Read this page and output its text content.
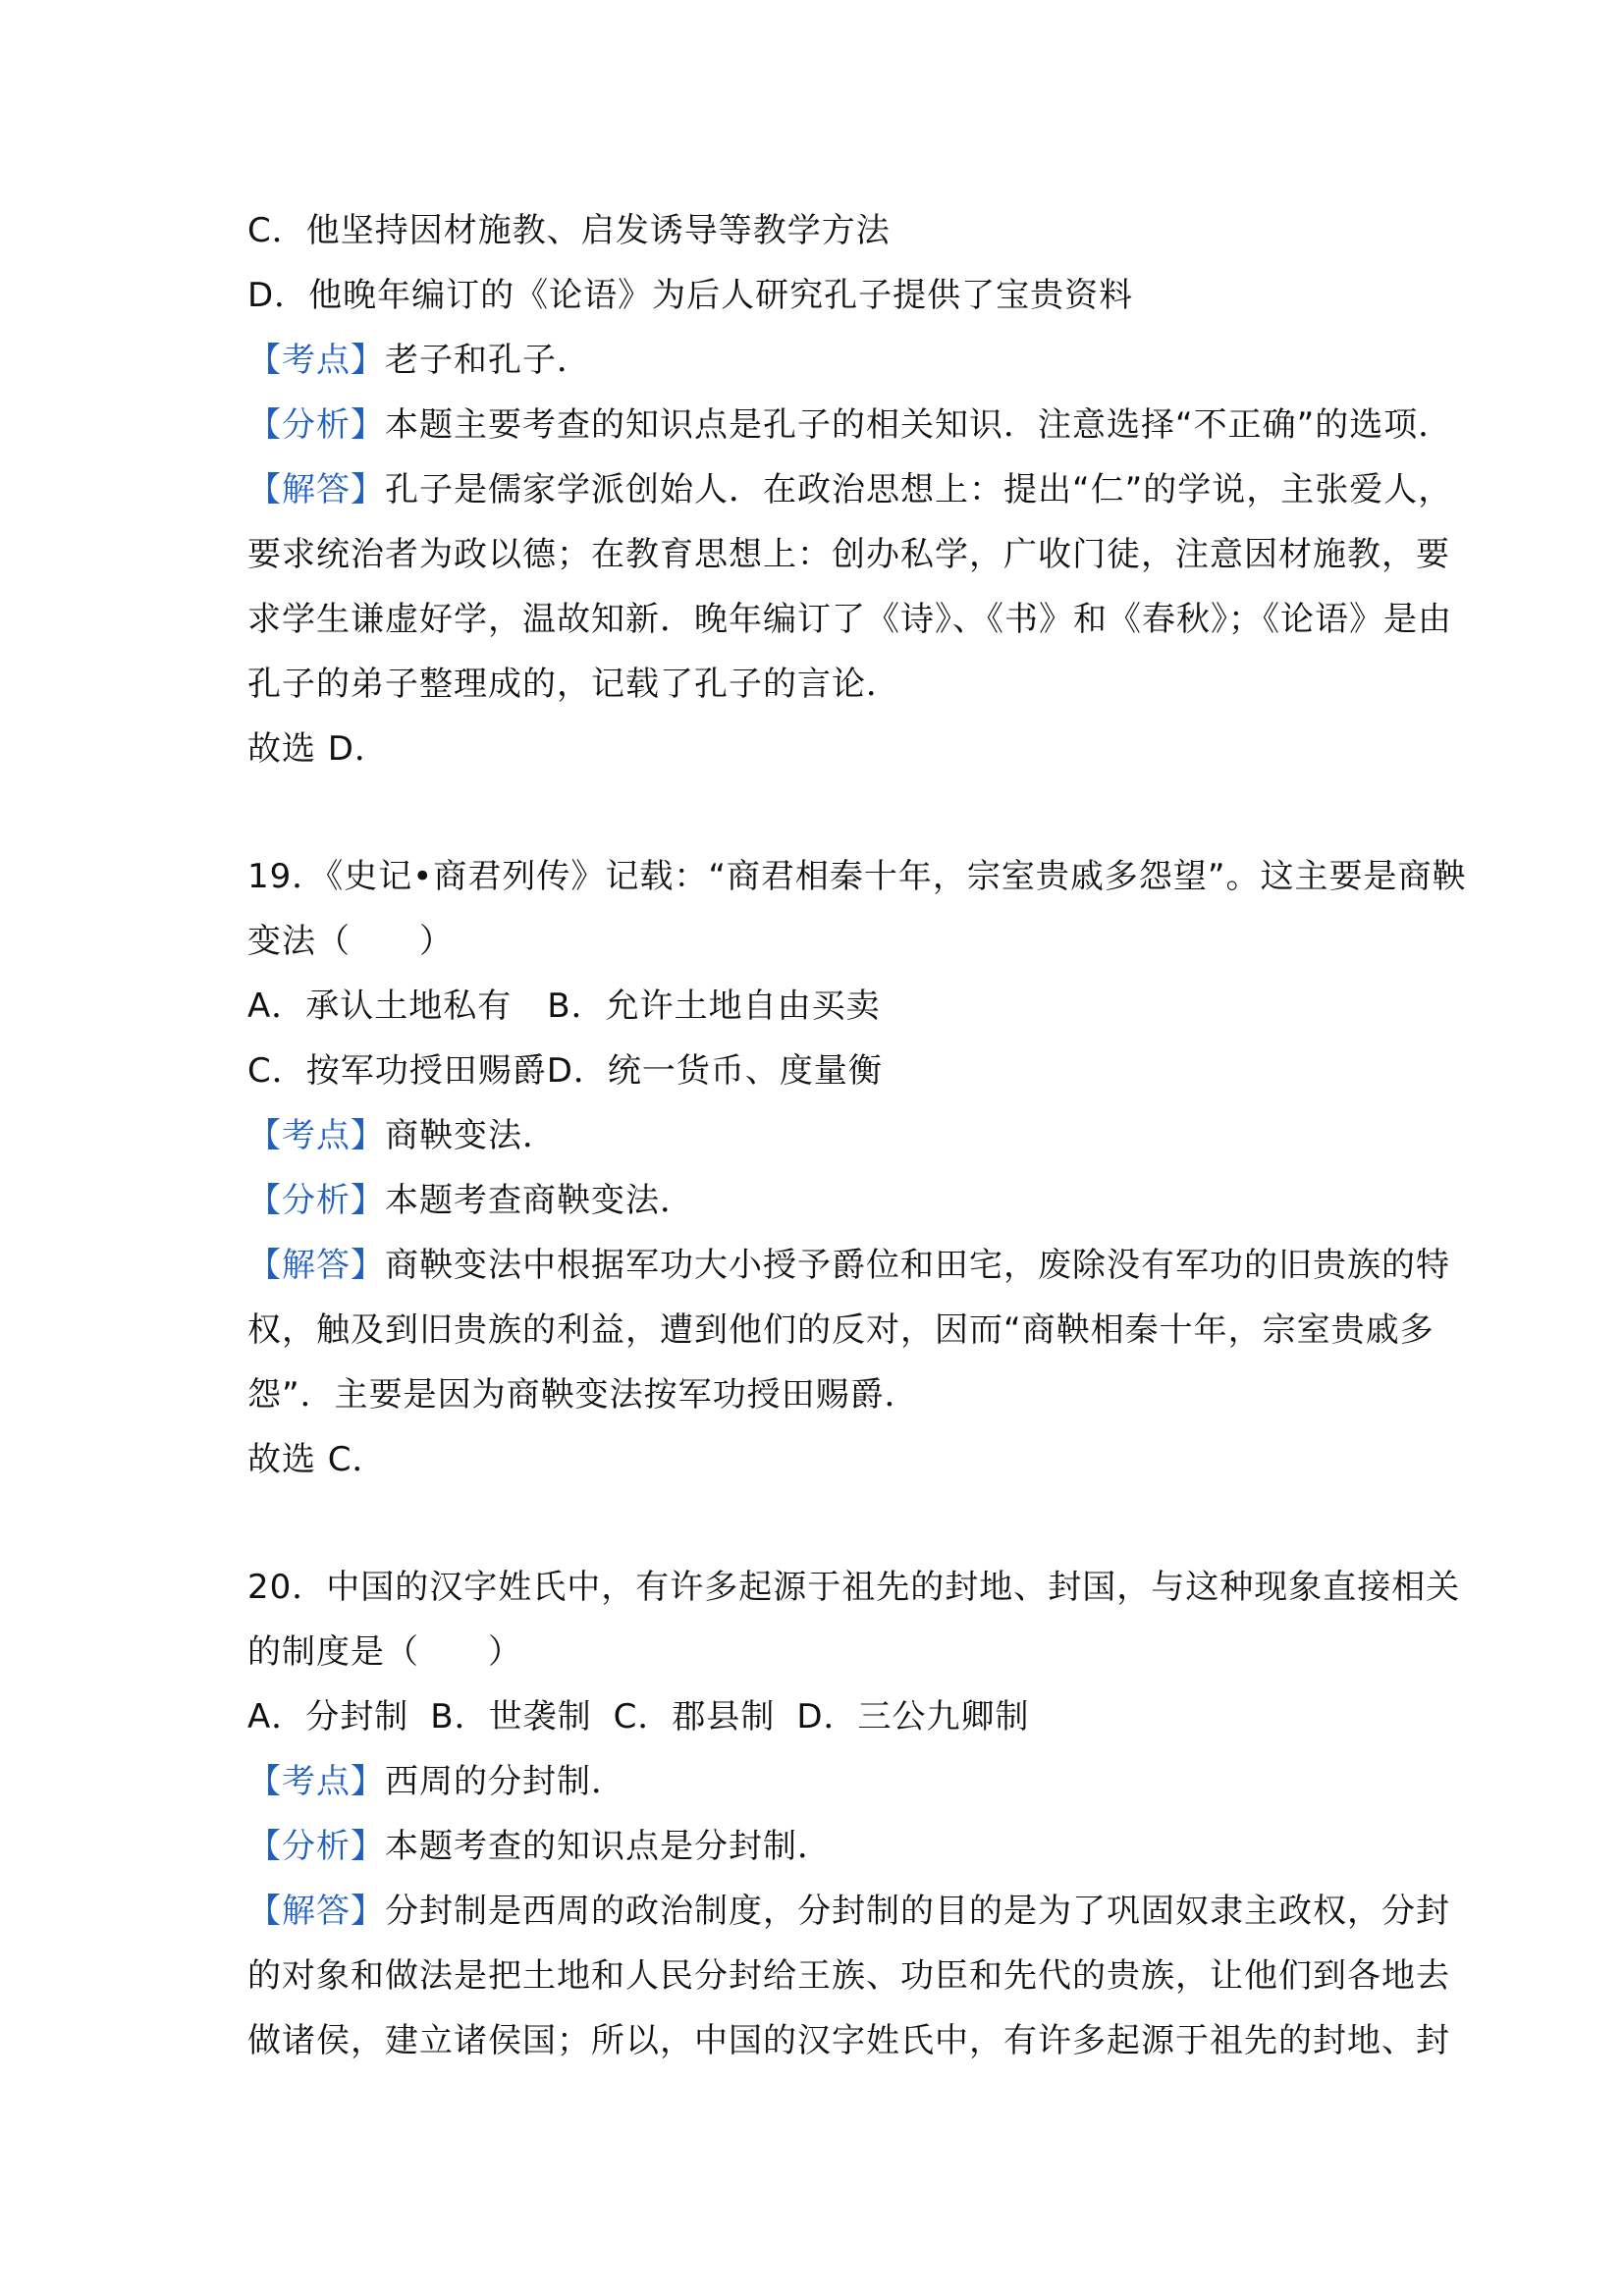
C．他坚持因材施教、启发诱导等教学方法
D．他晚年编订的《论语》为后人研究孔子提供了宝贵资料
【考点】老子和孔子．
【分析】本题主要考查的知识点是孔子的相关知识．注意选择“不正确”的选项．
【解答】孔子是儒家学派创始人．在政治思想上：提出“仁”的学说，主张爱人，
要求统治者为政以德；在教育思想上：创办私学，广收门徒，注意因材施教，要
求学生谦虚好学，温故知新．晚年编订了《诗》、《书》和《春秋》；《论语》是由
孔子的弟子整理成的，记载了孔子的言论．
故选 D．
19．《史记•商君列传》记载：“商君相秦十年，宗室贵戚多怨望”。这主要是商鞅
变法（　　）
A．承认土地私有 B．允许土地自由买卖
C．按军功授田赐爵D．统一货币、度量衡
【考点】商鞅变法．
【分析】本题考查商鞅变法．
【解答】商鞅变法中根据军功大小授予爵位和田宅，废除没有军功的旧贵族的特
权，触及到旧贵族的利益，遭到他们的反对，因而“商鞅相秦十年，宗室贵戚多
怨”．主要是因为商鞅变法按军功授田赐爵．
故选 C．
20．中国的汉字姓氏中，有许多起源于祖先的封地、封国，与这种现象直接相关
的制度是（　　）
A．分封制 B．世袭制 C．郡县制 D．三公九卿制
【考点】西周的分封制．
【分析】本题考查的知识点是分封制．
【解答】分封制是西周的政治制度，分封制的目的是为了巩固奴隶主政权，分封
的对象和做法是把土地和人民分封给王族、功臣和先代的贵族，让他们到各地去
做诸侯，建立诸侯国；所以，中国的汉字姓氏中，有许多起源于祖先的封地、封
